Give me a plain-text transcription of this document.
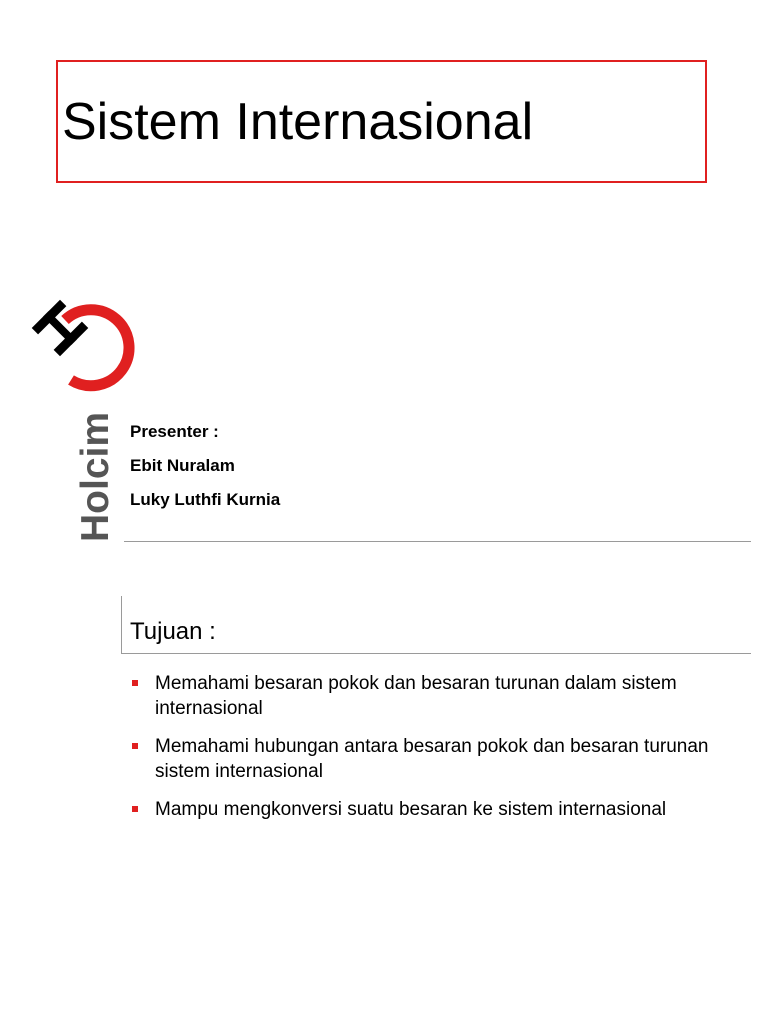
Sistem Internasional
Holcim Presenter :
Ebit Nuralam
Luky Luthfi Kurnia
Tujuan :
Memahami besaran pokok dan besaran turunan dalam sistem internasional
Memahami hubungan antara besaran pokok dan besaran turunan sistem internasional
Mampu mengkonversi suatu besaran ke sistem internasional
